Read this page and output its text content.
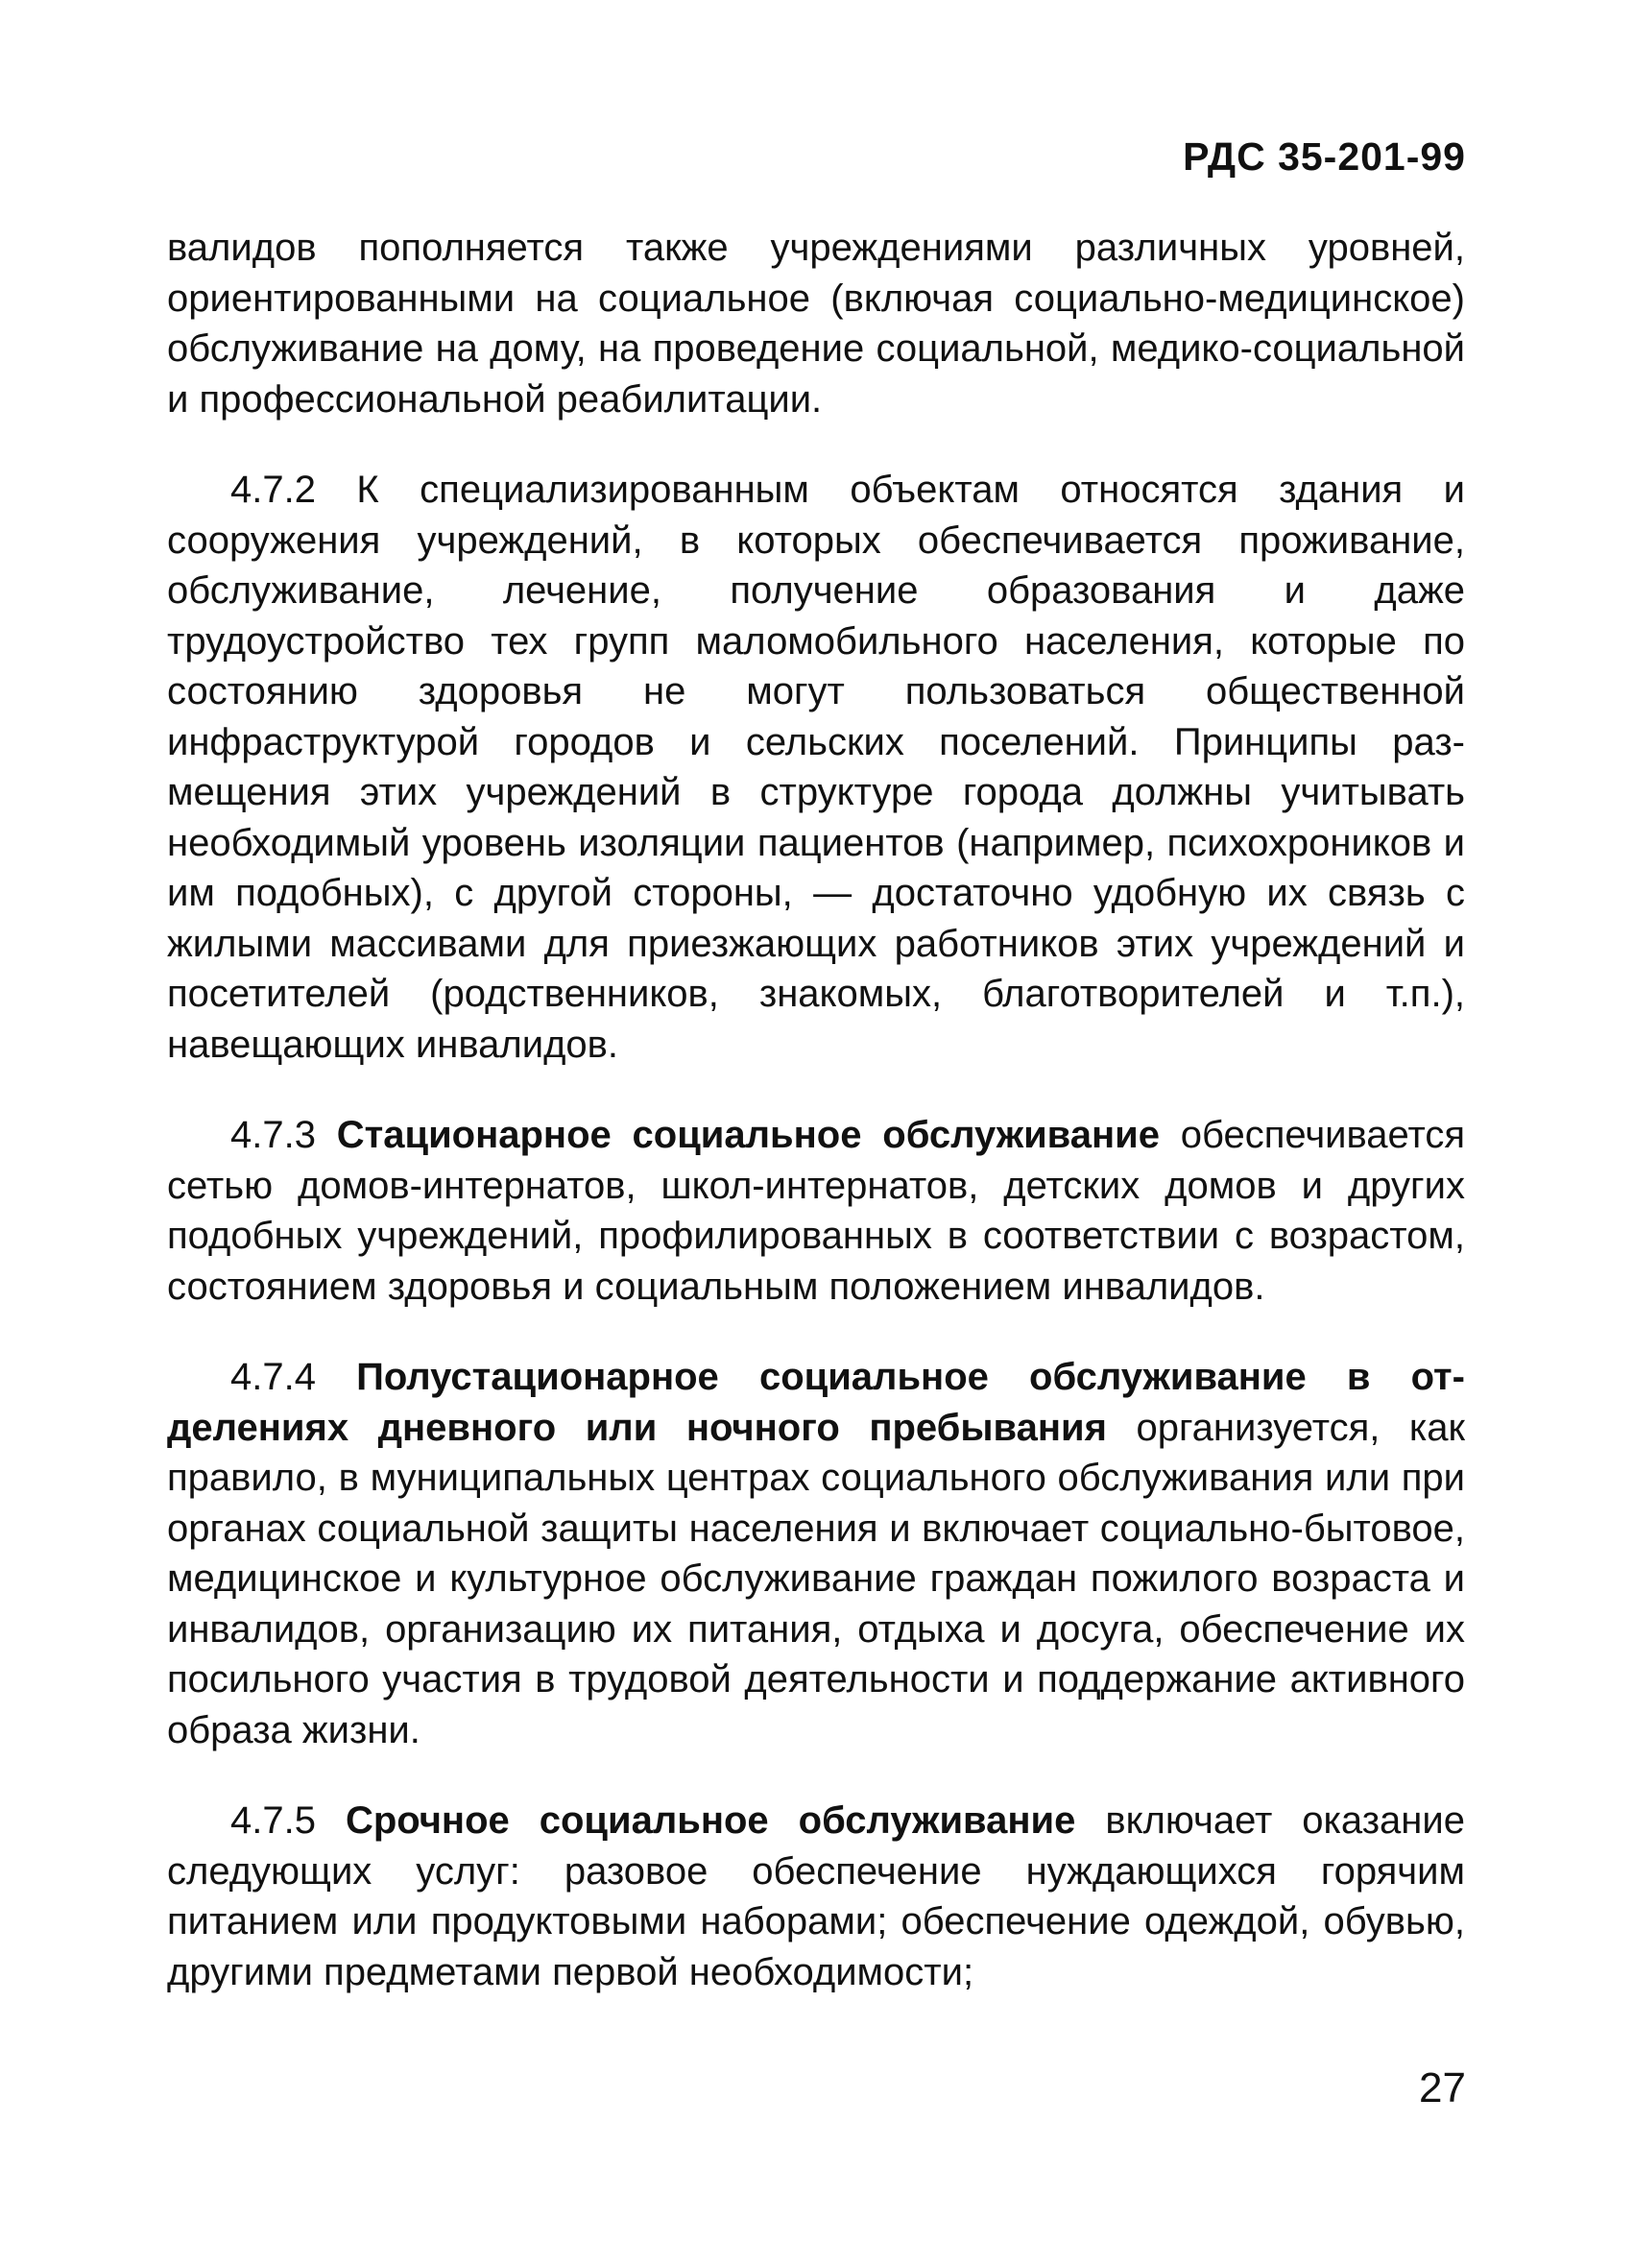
РДС 35-201-99

валидов пополняется также учреждениями различных уровней, ориентированными на социальное (включая социально-медицинское) обслуживание на дому, на проведение социальной, медико-социальной и профессиональной реабилитации.

4.7.2 К специализированным объектам относятся здания и сооружения учреждений, в которых обеспечивается проживание, обслуживание, лечение, получение образования и даже трудоустройство тех групп маломобильного населения, которые по состоянию здоровья не могут пользоваться общественной инфраструктурой городов и сельских поселений. Принципы размещения этих учреждений в структуре города должны учитывать необходимый уровень изоляции пациентов (например, психохроников и им подобных), с другой стороны, — достаточно удобную их связь с жилыми массивами для приезжающих работников этих учреждений и посетителей (родственников, знакомых, благотворителей и т.п.), навещающих инвалидов.

4.7.3 Стационарное социальное обслуживание обеспечивается сетью домов-интернатов, школ-интернатов, детских домов и других подобных учреждений, профилированных в соответствии с возрастом, состоянием здоровья и социальным положением инвалидов.

4.7.4 Полустационарное социальное обслуживание в отделениях дневного или ночного пребывания организуется, как правило, в муниципальных центрах социального обслуживания или при органах социальной защиты населения и включает социально-бытовое, медицинское и культурное обслуживание граждан пожилого возраста и инвалидов, организацию их питания, отдыха и досуга, обеспечение их посильного участия в трудовой деятельности и поддержание активного образа жизни.

4.7.5 Срочное социальное обслуживание включает оказание следующих услуг: разовое обеспечение нуждающихся горячим питанием или продуктовыми наборами; обеспечение одеждой, обувью, другими предметами первой необходимости;

27
